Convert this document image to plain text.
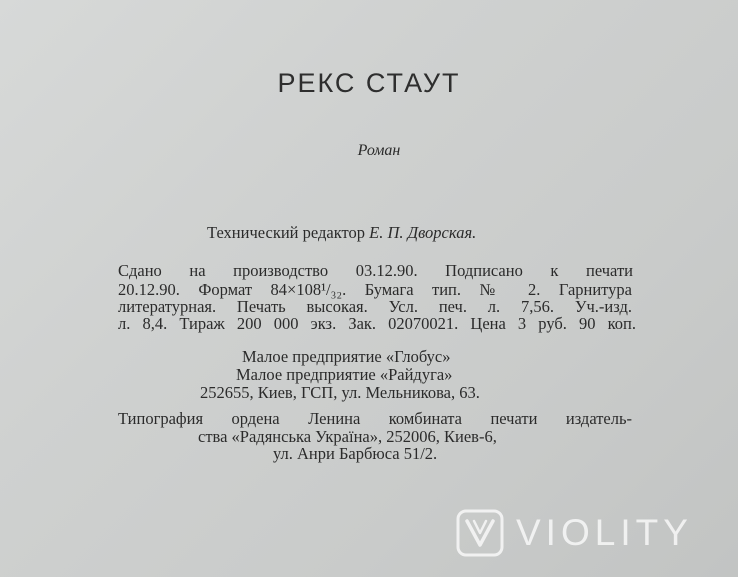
РЕКС СТАУТ
Роман
Технический редактор Е. П. Дворская.
Сдано на производство 03.12.90. Подписано к печати
20.12.90. Формат 84×108¹/₃₂. Бумага тип. № 2. Гарнитура
литературная. Печать высокая. Усл. печ. л. 7,56. Уч.-изд.
л. 8,4. Тираж 200 000 экз. Зак. 02070021. Цена 3 руб. 90 коп.
Малое предприятие «Глобус»
Малое предприятие «Райдуга»
252655, Киев, ГСП, ул. Мельникова, 63.
Типография ордена Ленина комбината печати издатель-
ства «Радянська Україна», 252006, Киев-6,
ул. Анри Барбюса 51/2.
VIOLITY
